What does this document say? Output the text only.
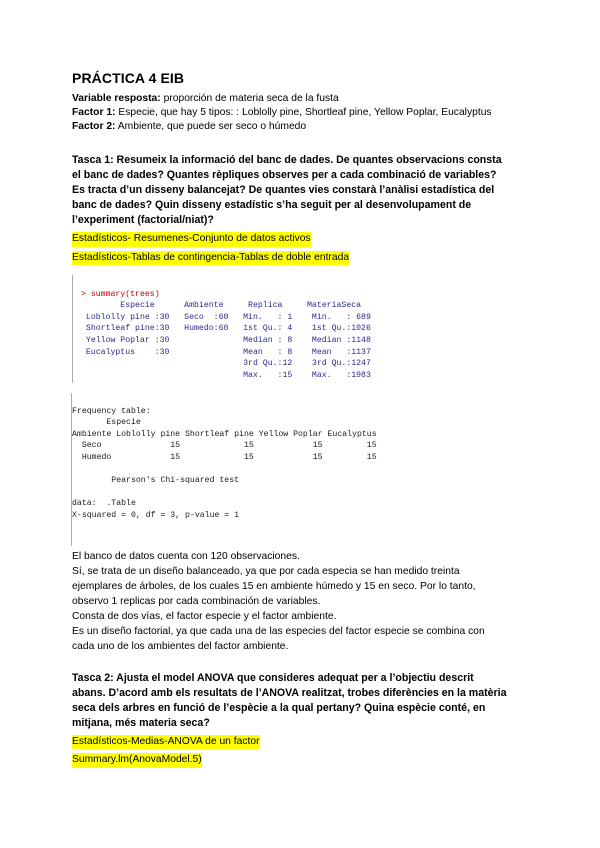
PRÁCTICA 4 EIB
Variable resposta: proporción de materia seca de la fusta
Factor 1: Especie, que hay 5 tipos: : Loblolly pine, Shortleaf pine, Yellow Poplar, Eucalyptus
Factor 2: Ambiente, que puede ser seco o húmedo
Tasca 1: Resumeix la informació del banc de dades. De quantes observacions consta
el banc de dades? Quantes rèpliques observes per a cada combinació de variables?
Es tracta d’un disseny balancejat? De quantes vies constarà l’anàlisi estadística del
banc de dades? Quin disseny estadístic s’ha seguit per al desenvolupament de
l’experiment (factorial/niat)?
Estadísticos- Resumenes-Conjunto de datos activos
Estadísticos-Tablas de contingencia-Tablas de doble entrada

> summary(trees)
Especie      Ambiente     Replica     MateriaSeca
Loblolly pine :30   Seco  :60   Min.   : 1    Min.   : 689
Shortleaf pine:30   Humedo:60   1st Qu.: 4    1st Qu.:1026
Yellow Poplar :30               Median : 8    Median :1148
Eucalyptus    :30               Mean   : 8    Mean   :1137
3rd Qu.:12    3rd Qu.:1247
Max.   :15    Max.   :1983

Frequency table:
Especie
Ambiente Loblolly pine Shortleaf pine Yellow Poplar Eucalyptus
Seco              15             15            15         15
Humedo            15             15            15         15

Pearson's Chi-squared test

data:  .Table
X-squared = 0, df = 3, p-value = 1

El banco de datos cuenta con 120 observaciones.
Sí, se trata de un diseño balanceado, ya que por cada especia se han medido treinta
ejemplares de árboles, de los cuales 15 en ambiente húmedo y 15 en seco. Por lo tanto,
observo 1 replicas por cada combinación de variables.
Consta de dos vías, el factor especie y el factor ambiente.
Es un diseño factorial, ya que cada una de las especies del factor especie se combina con
cada uno de los ambientes del factor ambiente.
Tasca 2: Ajusta el model ANOVA que consideres adequat per a l’objectiu descrit
abans. D’acord amb els resultats de l’ANOVA realitzat, trobes diferències en la matèria
seca dels arbres en funció de l’espècie a la qual pertany? Quina espècie conté, en
mitjana, més materia seca?
Estadísticos-Medias-ANOVA de un factor
Summary.lm(AnovaModel.5)
